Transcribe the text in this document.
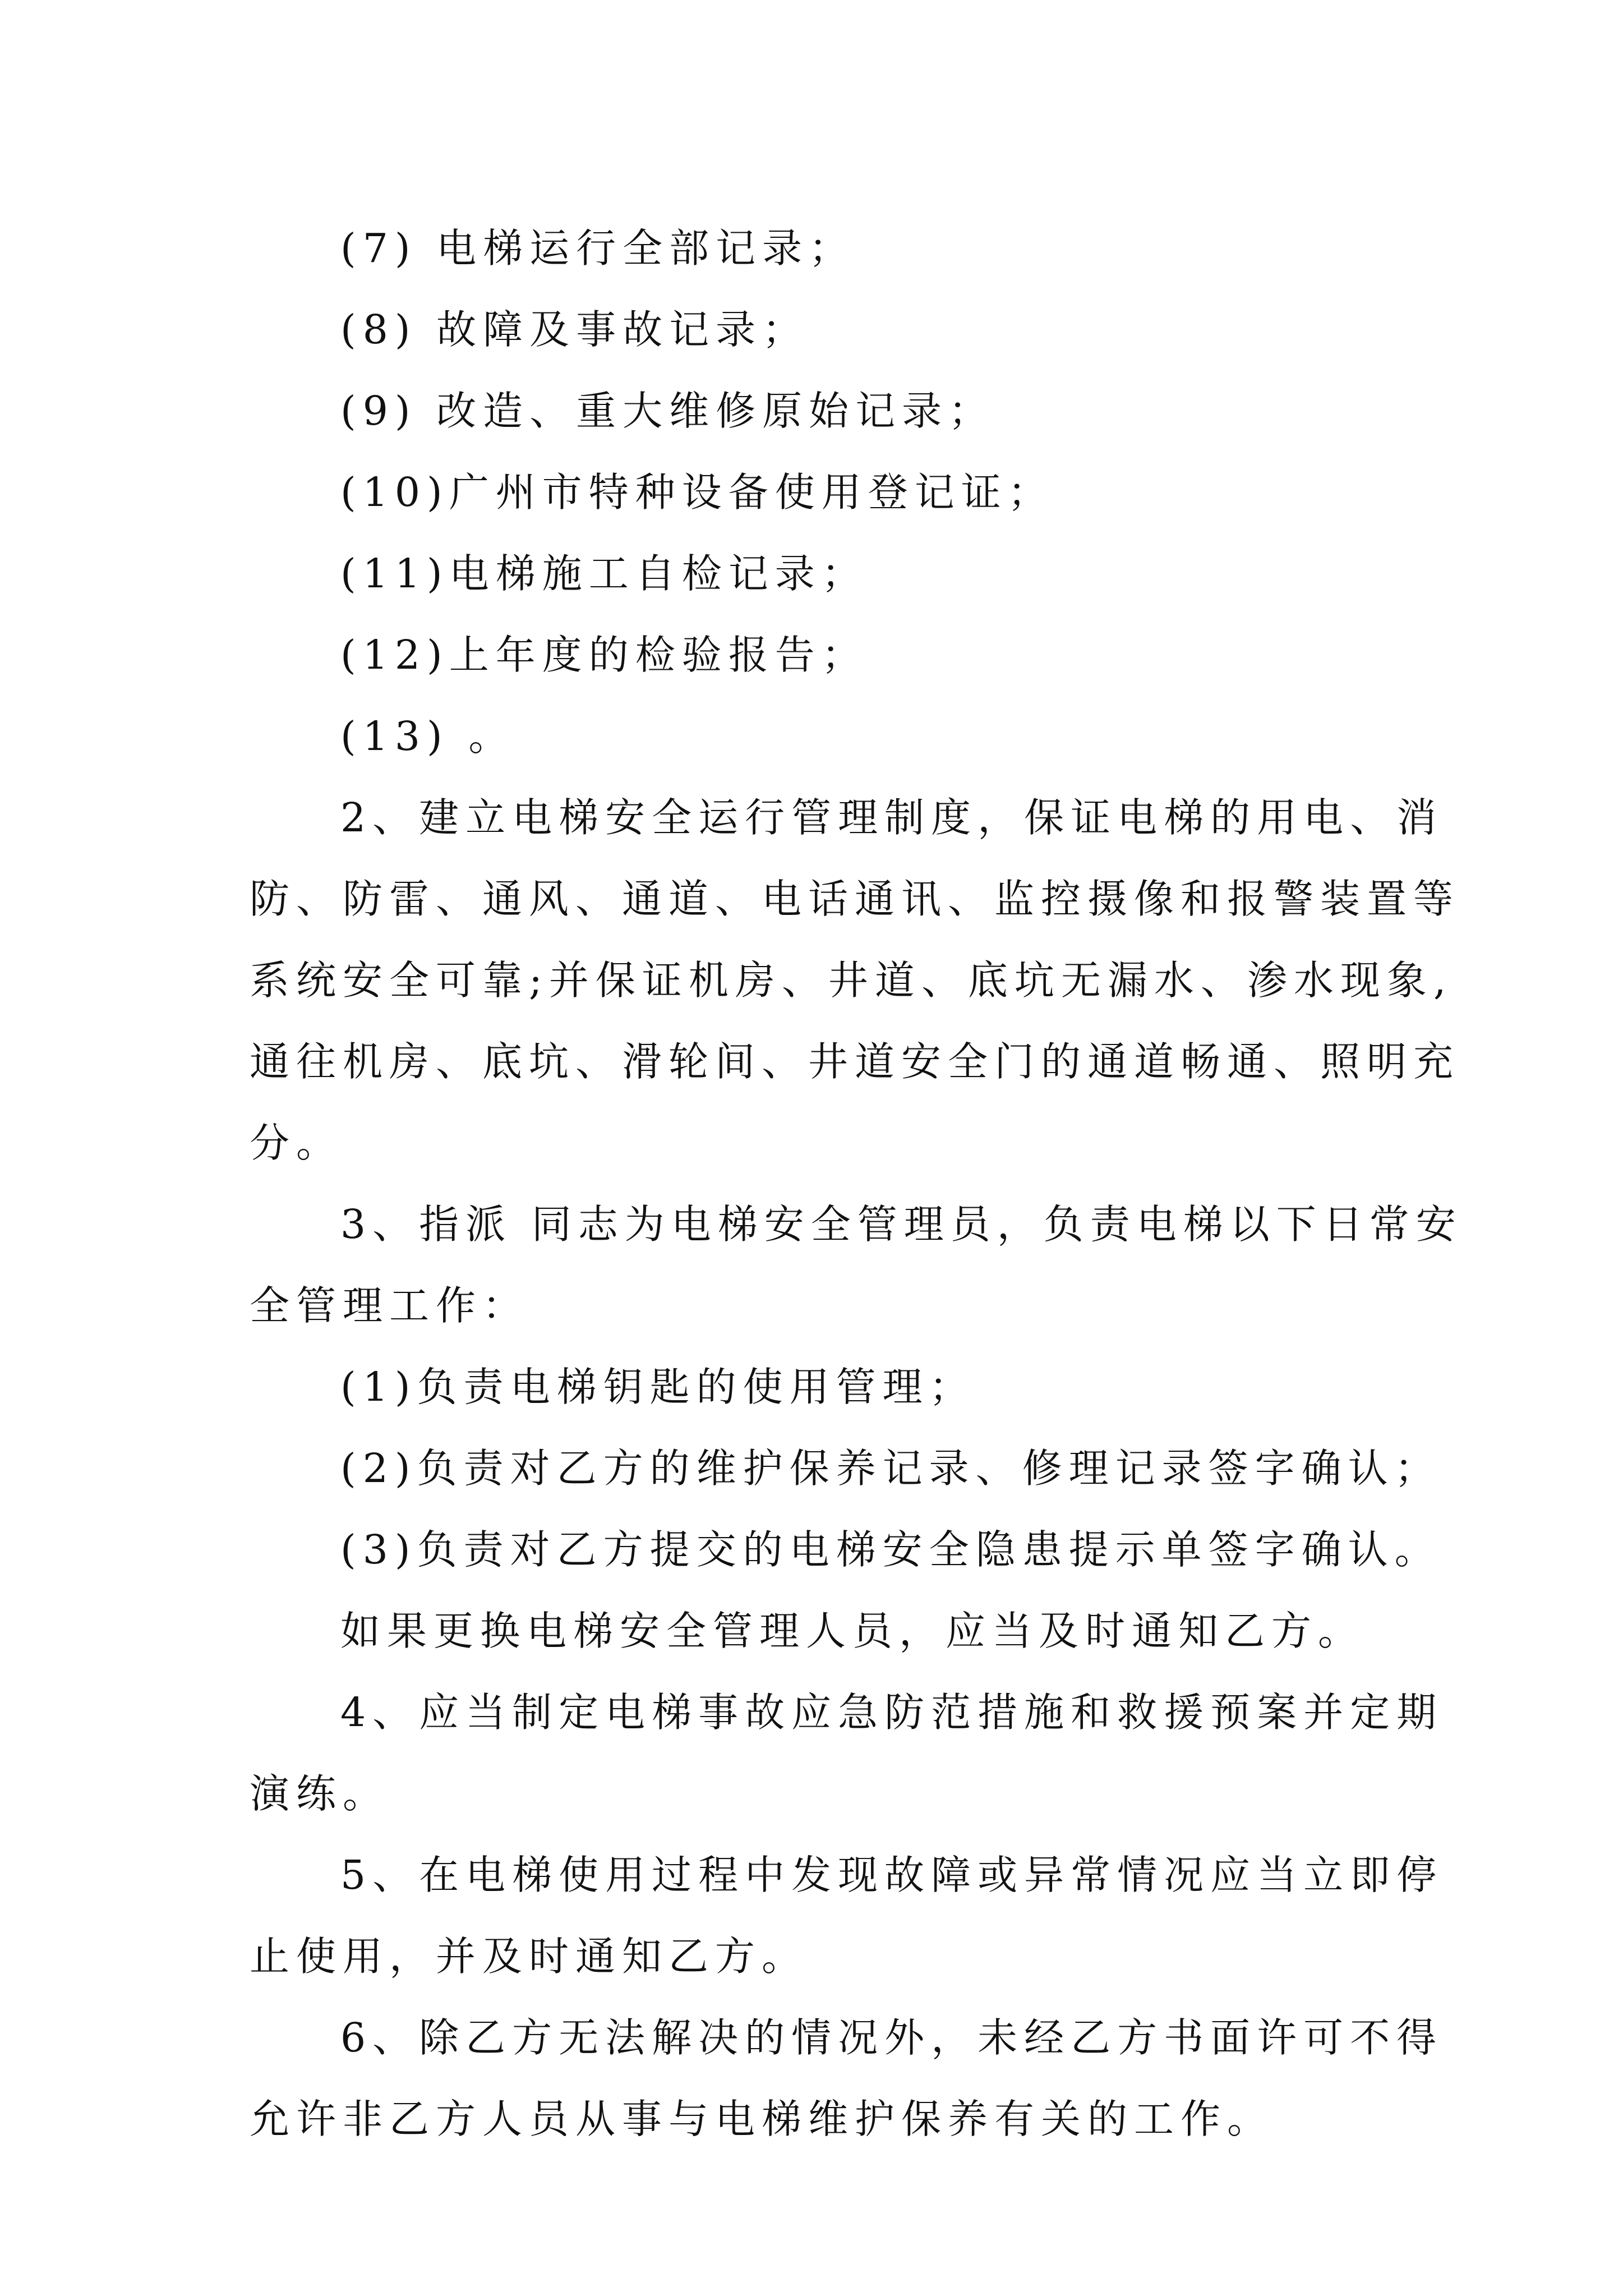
(7) 电梯运行全部记录；
(8) 故障及事故记录；
(9) 改造、重大维修原始记录；
(10)广州市特种设备使用登记证；
(11)电梯施工自检记录；
(12)上年度的检验报告；
(13) 。
2、建立电梯安全运行管理制度，保证电梯的用电、消
防、防雷、通风、通道、电话通讯、监控摄像和报警装置等
系统安全可靠;并保证机房、井道、底坑无漏水、渗水现象,
通往机房、底坑、滑轮间、井道安全门的通道畅通、照明充
分。
3、指派 同志为电梯安全管理员，负责电梯以下日常安
全管理工作：
(1)负责电梯钥匙的使用管理；
(2)负责对乙方的维护保养记录、修理记录签字确认；
(3)负责对乙方提交的电梯安全隐患提示单签字确认。
如果更换电梯安全管理人员，应当及时通知乙方。
4、应当制定电梯事故应急防范措施和救援预案并定期
演练。
5、在电梯使用过程中发现故障或异常情况应当立即停
止使用，并及时通知乙方。
6、除乙方无法解决的情况外，未经乙方书面许可不得
允许非乙方人员从事与电梯维护保养有关的工作。
